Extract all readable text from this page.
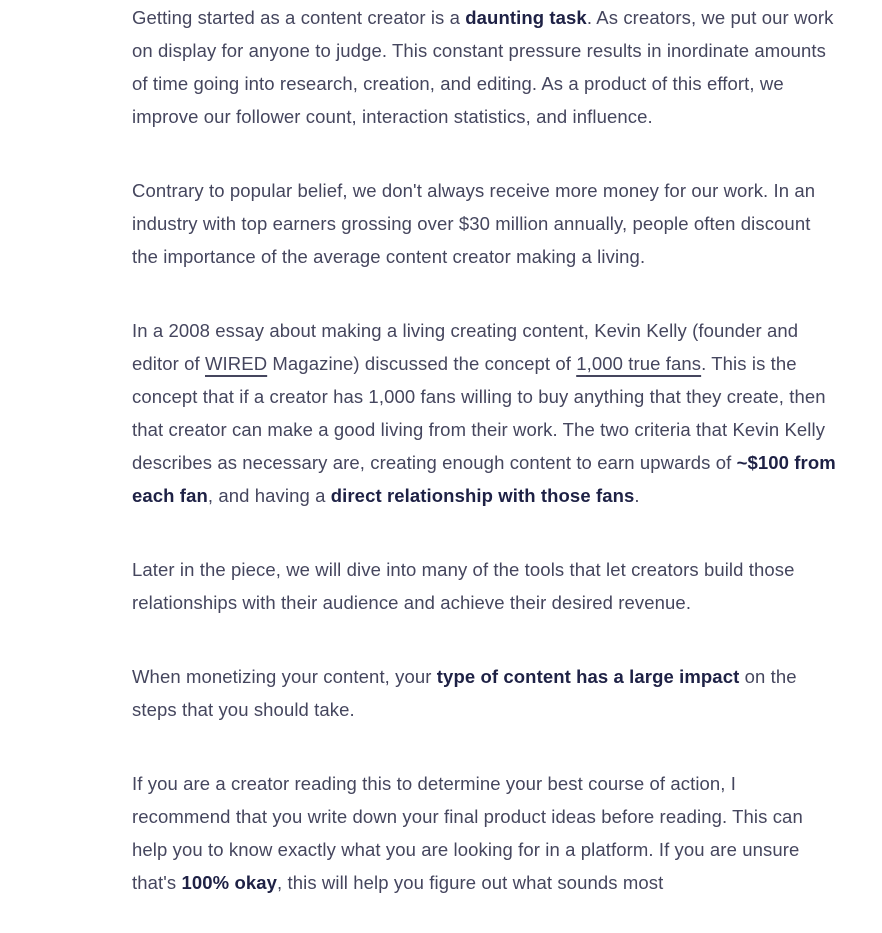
Getting started as a content creator is a daunting task. As creators, we put our work on display for anyone to judge. This constant pressure results in inordinate amounts of time going into research, creation, and editing. As a product of this effort, we improve our follower count, interaction statistics, and influence.

Contrary to popular belief, we don't always receive more money for our work. In an industry with top earners grossing over $30 million annually, people often discount the importance of the average content creator making a living.

In a 2008 essay about making a living creating content, Kevin Kelly (founder and editor of WIRED Magazine) discussed the concept of 1,000 true fans. This is the concept that if a creator has 1,000 fans willing to buy anything that they create, then that creator can make a good living from their work. The two criteria that Kevin Kelly describes as necessary are, creating enough content to earn upwards of ~$100 from each fan, and having a direct relationship with those fans.

Later in the piece, we will dive into many of the tools that let creators build those relationships with their audience and achieve their desired revenue.

When monetizing your content, your type of content has a large impact on the steps that you should take.

If you are a creator reading this to determine your best course of action, I recommend that you write down your final product ideas before reading. This can help you to know exactly what you are looking for in a platform. If you are unsure that's 100% okay, this will help you figure out what sounds most
